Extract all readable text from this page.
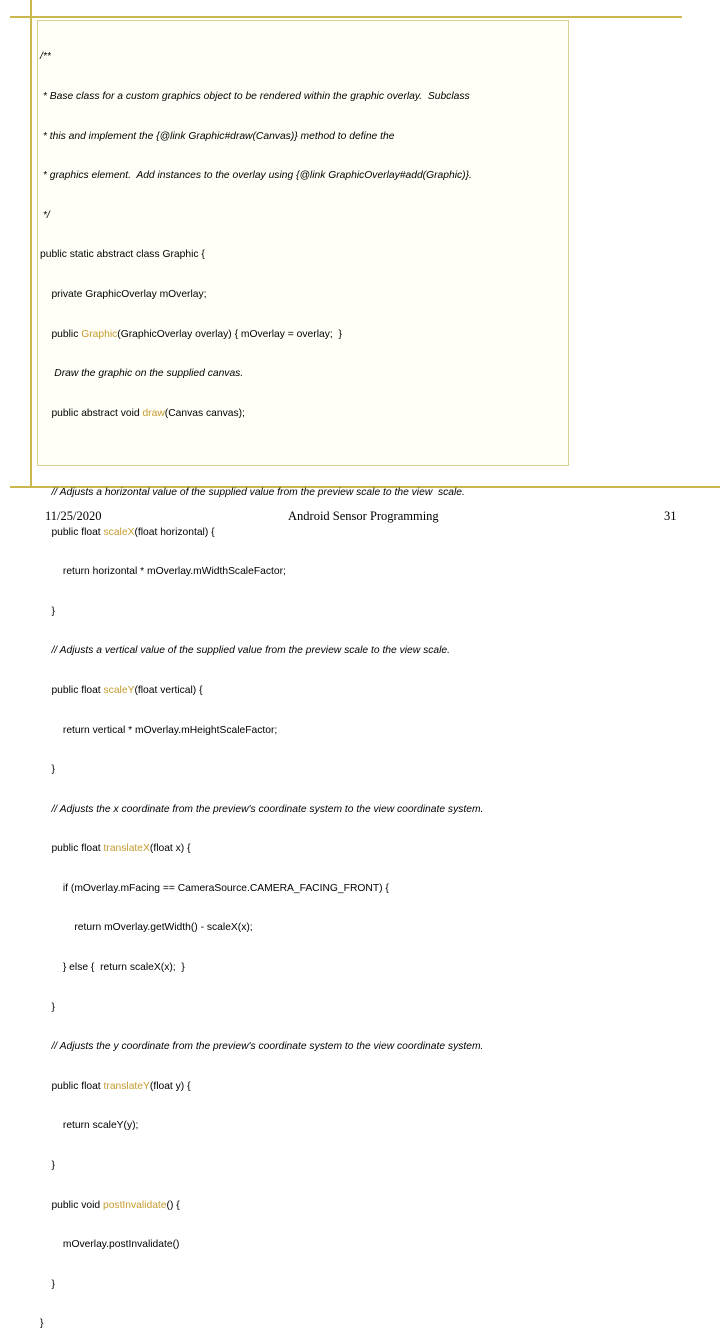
/**

* Base class for a custom graphics object to be rendered within the graphic overlay.  Subclass

* this and implement the {@link Graphic#draw(Canvas)} method to define the

* graphics element.  Add instances to the overlay using {@link GraphicOverlay#add(Graphic)}.

*/

public static abstract class Graphic {

private GraphicOverlay mOverlay;

public Graphic(GraphicOverlay overlay) { mOverlay = overlay;  }

Draw the graphic on the supplied canvas.

public abstract void draw(Canvas canvas);

// Adjusts a horizontal value of the supplied value from the preview scale to the view  scale.

public float scaleX(float horizontal) {

return horizontal * mOverlay.mWidthScaleFactor;

}

// Adjusts a vertical value of the supplied value from the preview scale to the view scale.

public float scaleY(float vertical) {

return vertical * mOverlay.mHeightScaleFactor;

}

// Adjusts the x coordinate from the preview's coordinate system to the view coordinate system.

public float translateX(float x) {

if (mOverlay.mFacing == CameraSource.CAMERA_FACING_FRONT) {

return mOverlay.getWidth() - scaleX(x);

} else {  return scaleX(x);  }

}

// Adjusts the y coordinate from the preview's coordinate system to the view coordinate system.

public float translateY(float y) {

return scaleY(y);

}

public void postInvalidate() {

mOverlay.postInvalidate()

}

}

11/25/2020	Android Sensor Programming	31
